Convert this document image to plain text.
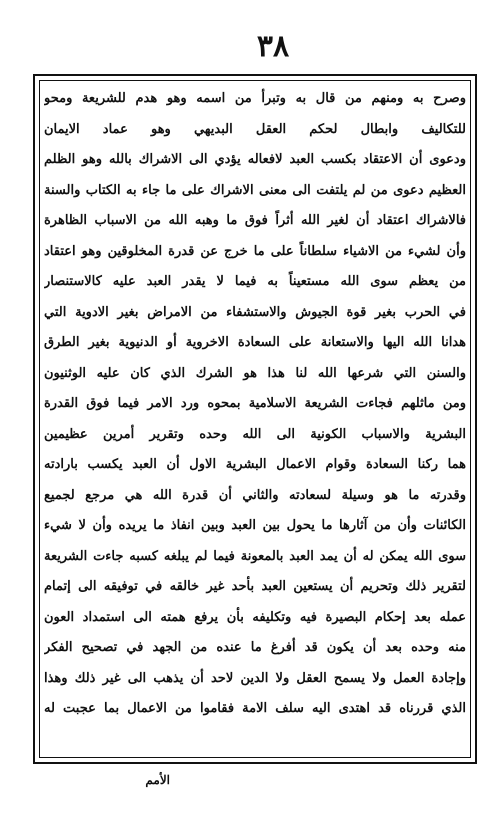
٣٨
وصرح به ومنهم من قال به وتبرأ من اسمه وهو هدم للشريعة ومحو
للتكاليف وابطال لحكم العقل البديهي وهو عماد الايمان
ودعوى أن الاعتقاد بكسب العبد لافعاله يؤدي الى الاشراك بالله وهو الظلم
العظيم دعوى من لم يلتفت الى معنى الاشراك على ما جاء به الكتاب والسنة
فالاشراك اعتقاد أن لغير الله أثراً فوق ما وهبه الله من الاسباب الظاهرة
وأن لشيء من الاشياء سلطاناً على ما خرج عن قدرة المخلوقين وهو اعتقاد
من يعظم سوى الله مستعيناً به فيما لا يقدر العبد عليه كالاستنصار
في الحرب بغير قوة الجيوش والاستشفاء من الامراض بغير الادوية التي
هدانا الله اليها والاستعانة على السعادة الاخروية أو الدنيوية بغير الطرق
والسنن التي شرعها الله لنا هذا هو الشرك الذي كان عليه الوثنيون
ومن ماثلهم فجاءت الشريعة الاسلامية بمحوه ورد الامر فيما فوق القدرة
البشرية والاسباب الكونية الى الله وحده وتقرير أمرين عظيمين
هما ركنا السعادة وقوام الاعمال البشرية الاول أن العبد يكسب بارادته
وقدرته ما هو وسيلة لسعادته والثاني أن قدرة الله هي مرجع لجميع
الكائنات وأن من آثارها ما يحول بين العبد وبين انفاذ ما يريده وأن لا شيء
سوى الله يمكن له أن يمد العبد بالمعونة فيما لم يبلغه كسبه جاءت الشريعة
لتقرير ذلك وتحريم أن يستعين العبد بأحد غير خالقه في توفيقه الى إتمام
عمله بعد إحكام البصيرة فيه وتكليفه بأن يرفع همته الى استمداد العون
منه وحده بعد أن يكون قد أفرغ ما عنده من الجهد في تصحيح الفكر
وإجادة العمل ولا يسمح العقل ولا الدين لاحد أن يذهب الى غير ذلك وهذا
الذي قررناه قد اهتدى اليه سلف الامة فقاموا من الاعمال بما عجبت له
الأمم
